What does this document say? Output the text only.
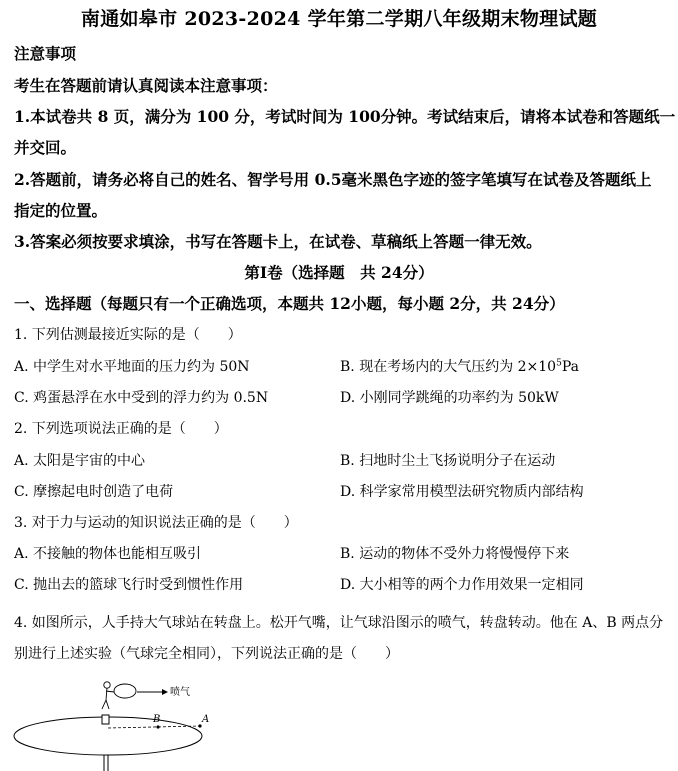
南通如皋市 2023-2024 学年第二学期八年级期末物理试题
注意事项
考生在答题前请认真阅读本注意事项：
1.本试卷共 8 页，满分为 100 分，考试时间为 100分钟。考试结束后，请将本试卷和答题纸一
并交回。
2.答题前，请务必将自己的姓名、智学号用 0.5毫米黑色字迹的签字笔填写在试卷及答题纸上
指定的位置。
3.答案必须按要求填涂，书写在答题卡上，在试卷、草稿纸上答题一律无效。
第Ⅰ卷（选择题　共 24分）
一、选择题（每题只有一个正确选项，本题共 12小题，每小题 2分，共 24分）
1. 下列估测最接近实际的是（　　）
A. 中学生对水平地面的压力约为 50N	B. 现在考场内的大气压约为 $2\times 10^5Pa$
C. 鸡蛋悬浮在水中受到的浮力约为 0.5N	D. 小刚同学跳绳的功率约为 50kW
2. 下列选项说法正确的是（　　）
A. 太阳是宇宙的中心	B. 扫地时尘土飞扬说明分子在运动
C. 摩擦起电时创造了电荷	D. 科学家常用模型法研究物质内部结构
3. 对于力与运动的知识说法正确的是（　　）
A. 不接触的物体也能相互吸引	B. 运动的物体不受外力将慢慢停下来
C. 抛出去的篮球飞行时受到惯性作用	D. 大小相等的两个力作用效果一定相同
4. 如图所示，人手持大气球站在转盘上。松开气嘴，让气球沿图示的喷气，转盘转动。他在 A、B 两点分
别进行上述实验（气球完全相同），下列说法正确的是（　　）
B	A
喷气
